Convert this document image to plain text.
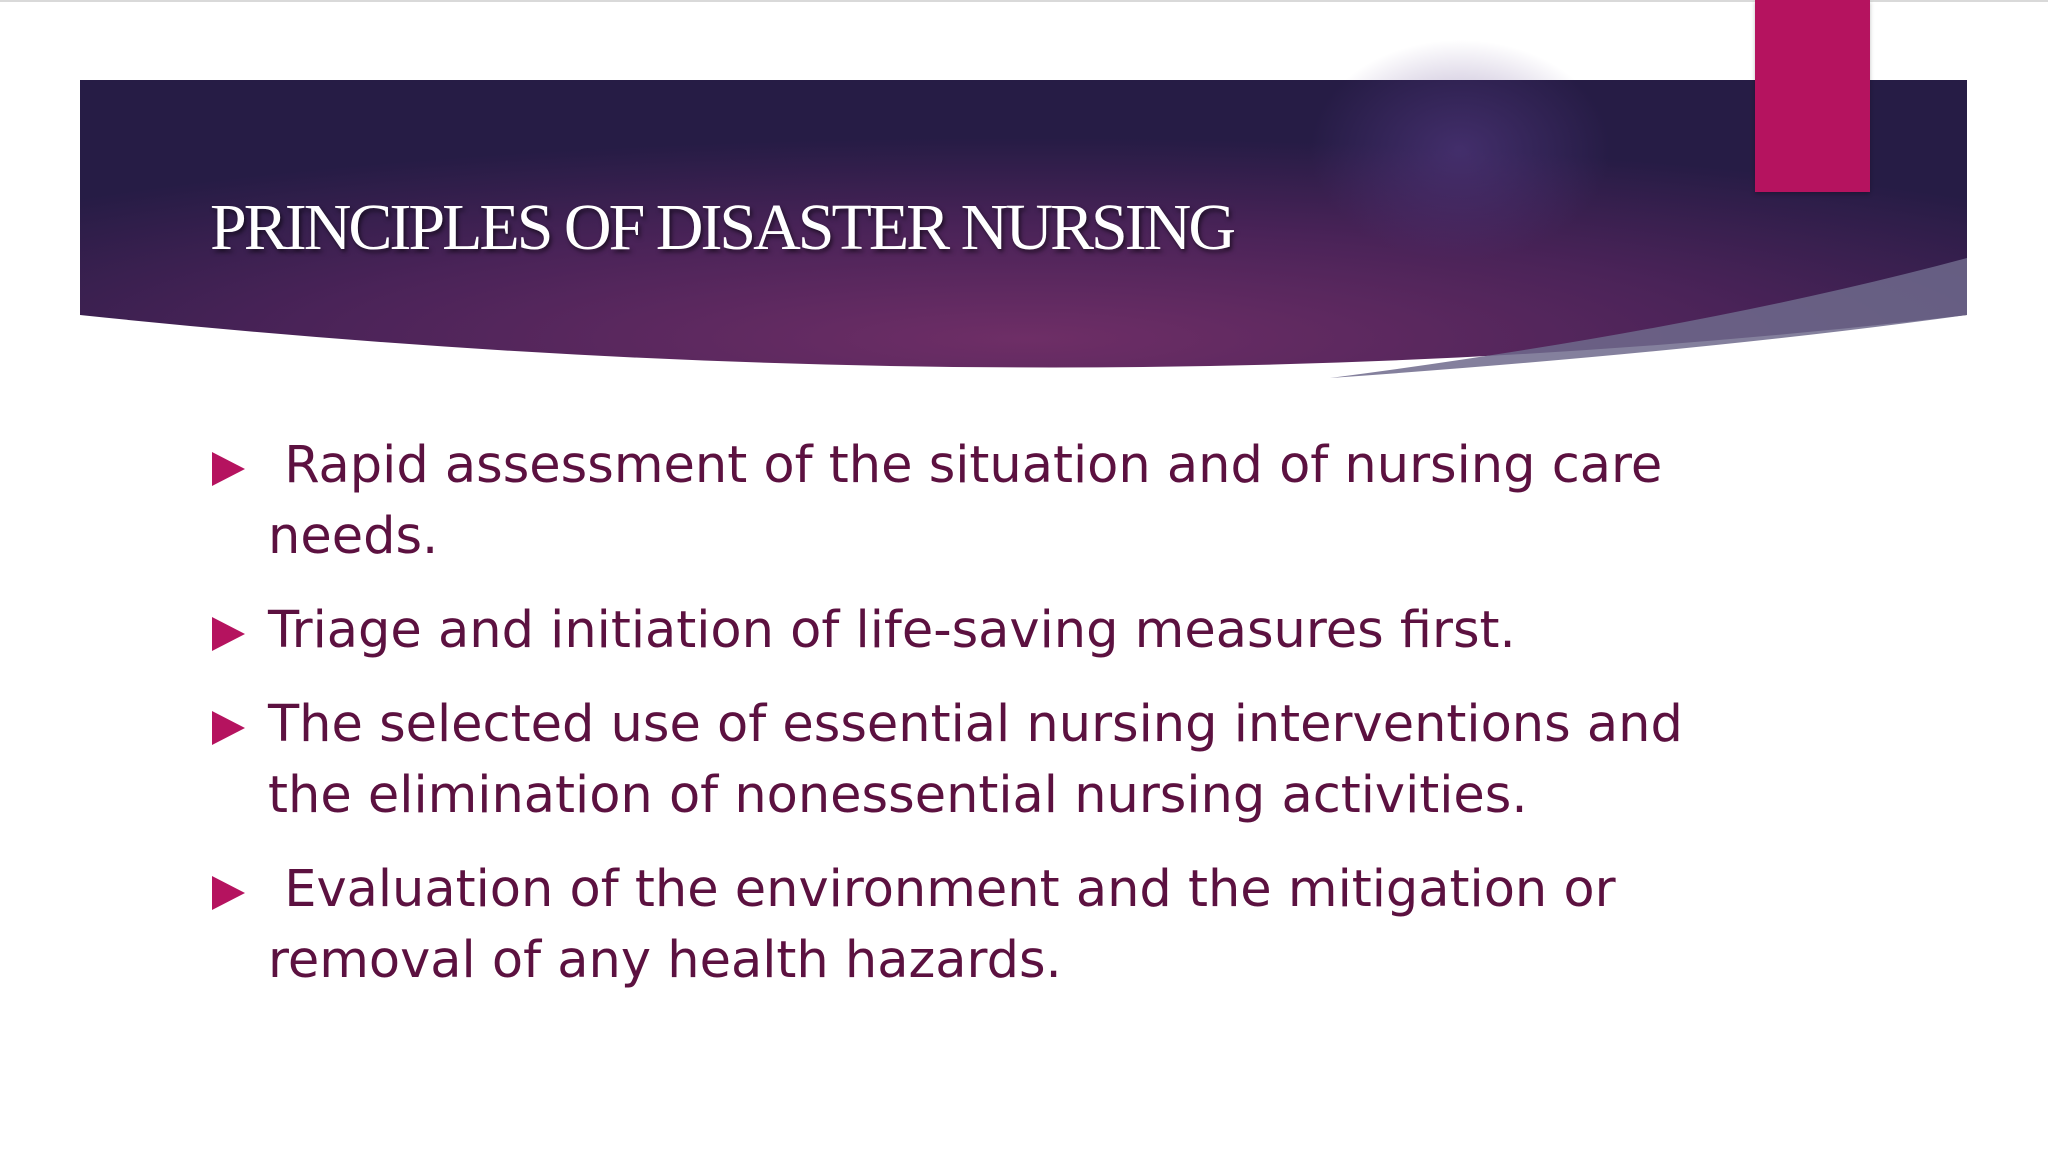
PRINCIPLES OF DISASTER NURSING
Rapid assessment of the situation and of nursing care needs.
Triage and initiation of life-saving measures first.
The selected use of essential nursing interventions and the elimination of nonessential nursing activities.
Evaluation of the environment and the mitigation or removal of any health hazards.
